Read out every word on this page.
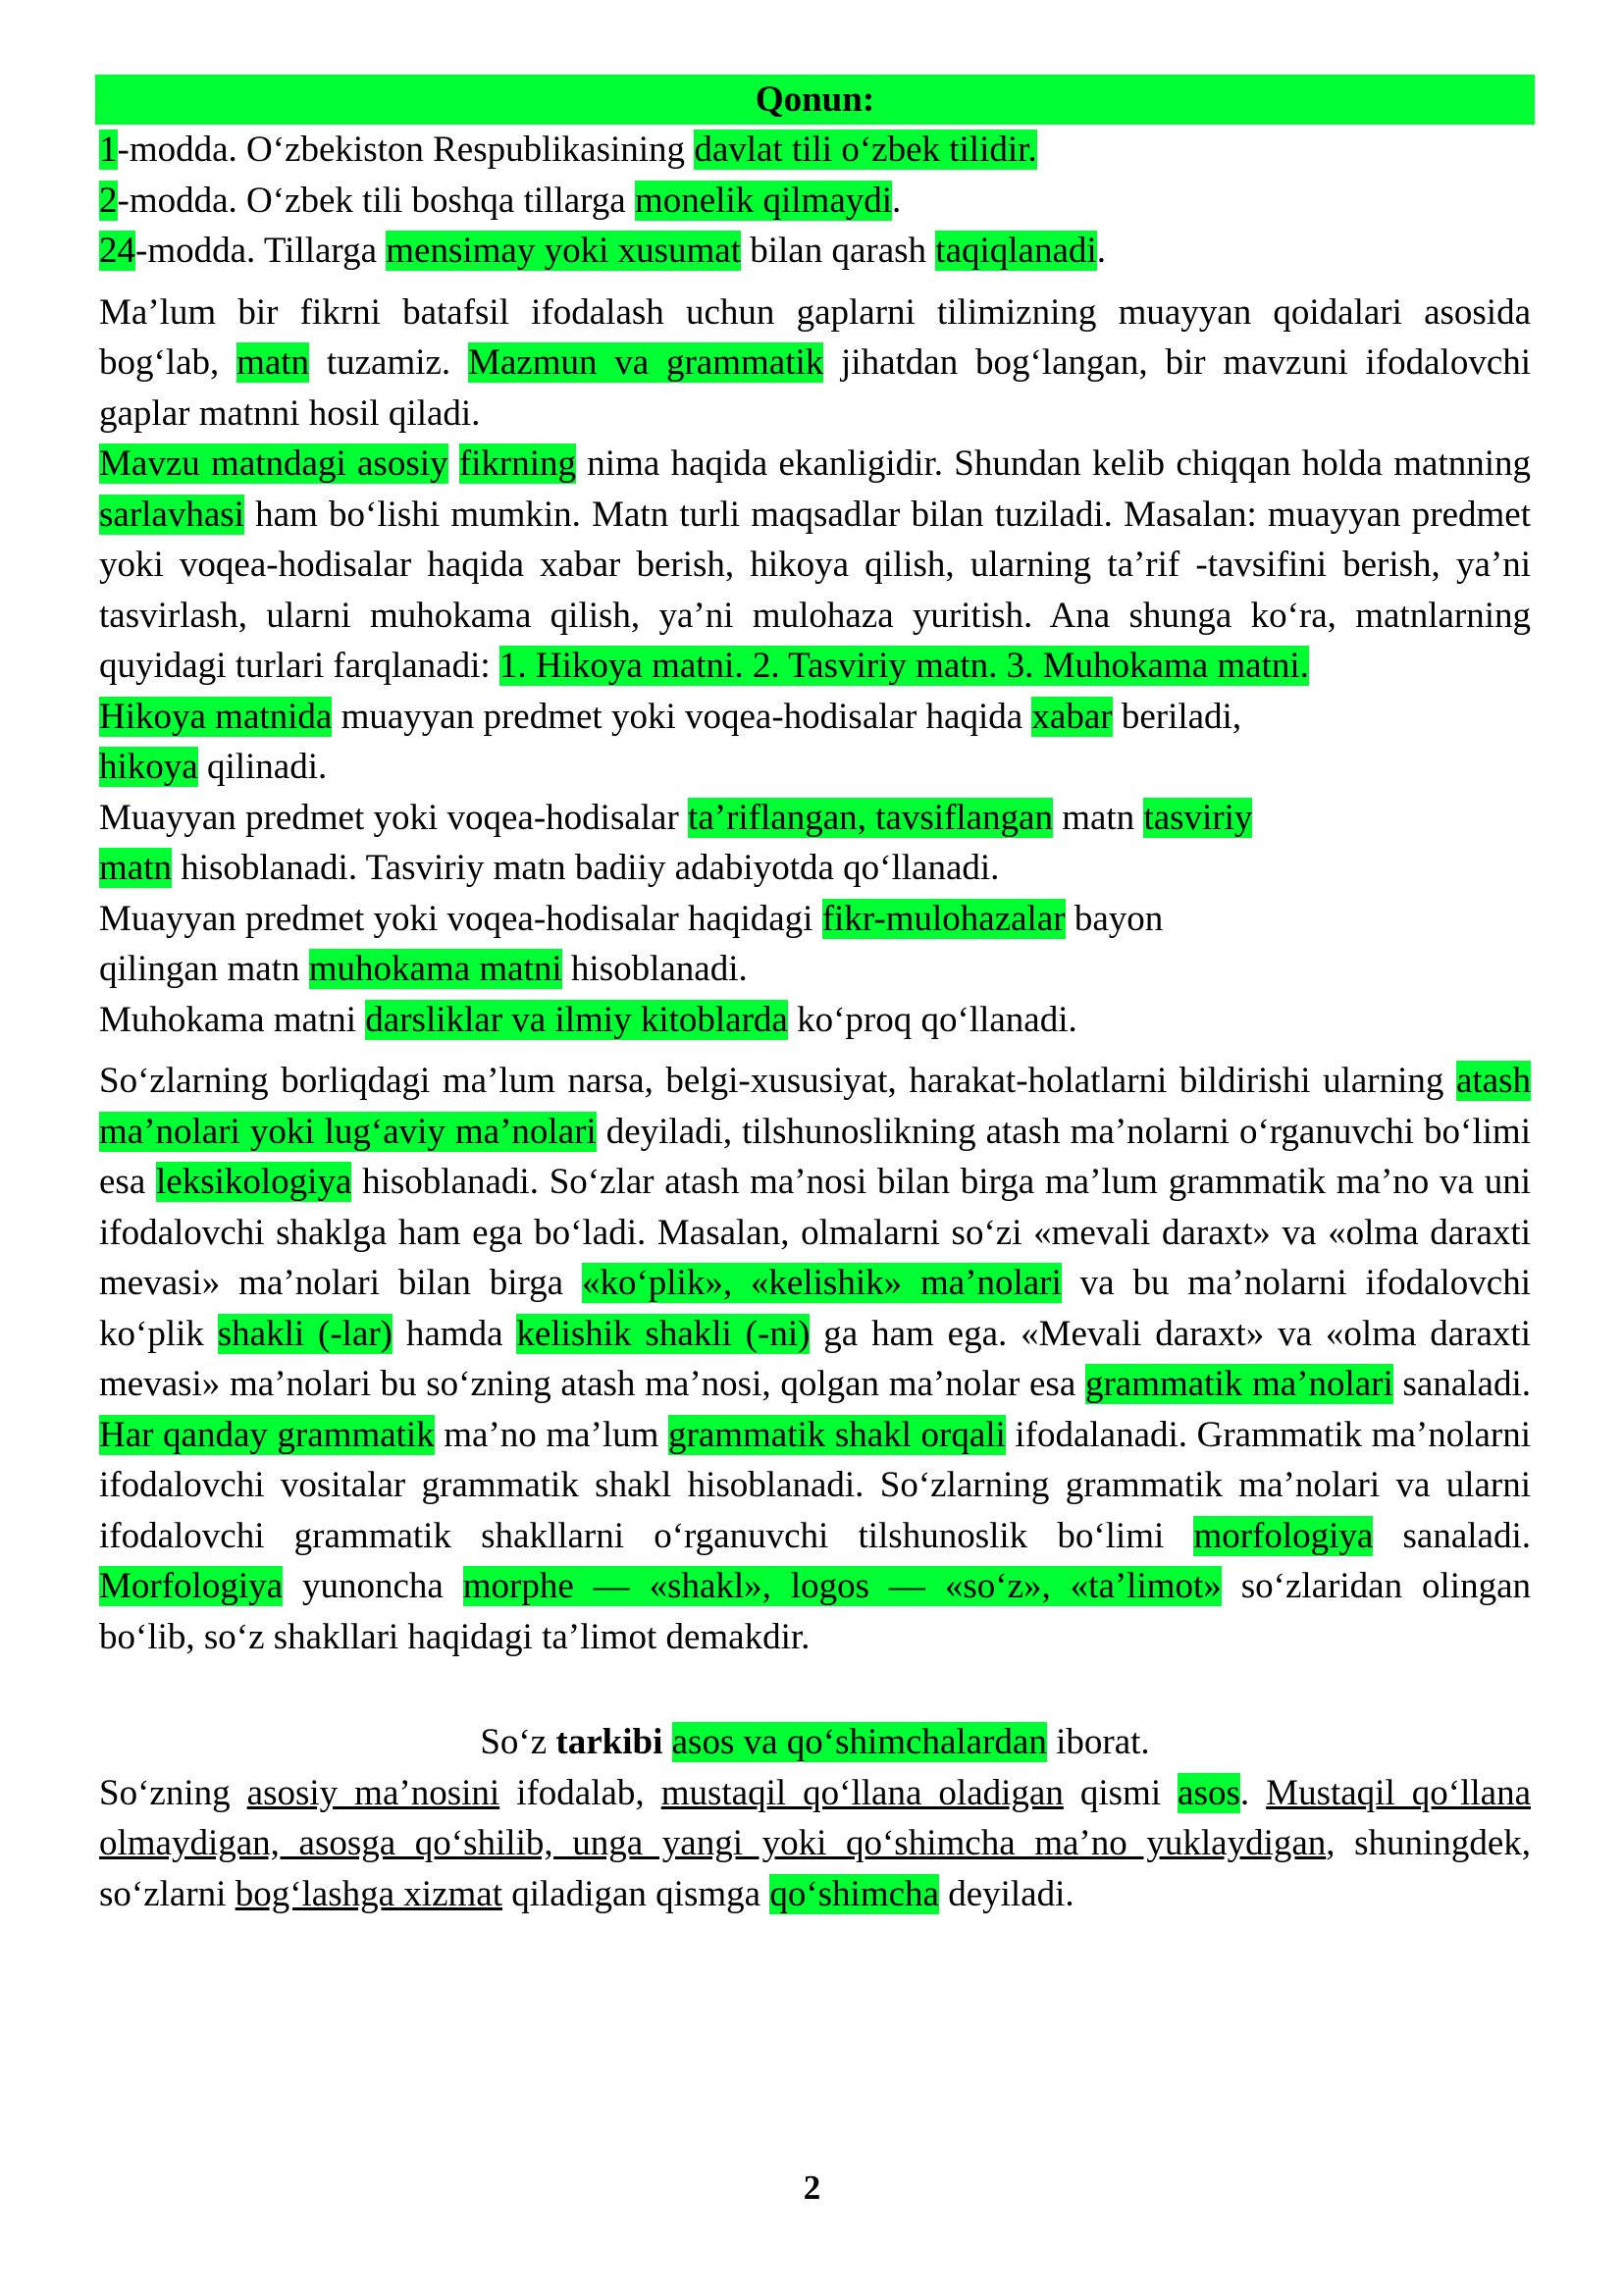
Qonun:
1-modda. O‘zbekiston Respublikasining davlat tili o‘zbek tilidir.
2-modda. O‘zbek tili boshqa tillarga monelik qilmaydi.
24-modda. Tillarga mensimay yoki xusumat bilan qarash taqiqlanadi.
Ma’lum bir fikrni batafsil ifodalash uchun gaplarni tilimizning muayyan qoidalari asosida bog‘lab, matn tuzamiz. Mazmun va grammatik jihatdan bog‘langan, bir mavzuni ifodalovchi gaplar matnni hosil qiladi.
Mavzu matndagi asosiy fikrning nima haqida ekanligidir. Shundan kelib chiqqan holda matnning sarlavhasi ham bo‘lishi mumkin. Matn turli maqsadlar bilan tuziladi. Masalan: muayyan predmet yoki voqea-hodisalar haqida xabar berish, hikoya qilish, ularning ta’rif -tavsifini berish, ya’ni tasvirlash, ularni muhokama qilish, ya’ni mulohaza yuritish. Ana shunga ko‘ra, matnlarning quyidagi turlari farqlanadi: 1. Hikoya matni. 2. Tasviriy matn. 3. Muhokama matni.
Hikoya matnida muayyan predmet yoki voqea-hodisalar haqida xabar beriladi,
hikoya qilinadi.
Muayyan predmet yoki voqea-hodisalar ta’riflangan, tavsiflangan matn tasviriy
matn hisoblanadi. Tasviriy matn badiiy adabiyotda qo‘llanadi.
Muayyan predmet yoki voqea-hodisalar haqidagi fikr-mulohazalar bayon
qilingan matn muhokama matni hisoblanadi.
Muhokama matni darsliklar va ilmiy kitoblarda ko‘proq qo‘llanadi.
So‘zlarning borliqdagi ma’lum narsa, belgi-xususiyat, harakat-holatlarni bildirishi ularning atash ma’nolari yoki lug‘aviy ma’nolari deyiladi, tilshunoslikning atash ma’nolarni o‘rganuvchi bo‘limi esa leksikologiya hisoblanadi. So‘zlar atash ma’nosi bilan birga ma’lum grammatik ma’no va uni ifodalovchi shaklga ham ega bo‘ladi. Masalan, olmalarni so‘zi «mevali daraxt» va «olma daraxti mevasi» ma’nolari bilan birga «ko‘plik», «kelishik» ma’nolari va bu ma’nolarni ifodalovchi ko‘plik shakli (-lar) hamda kelishik shakli (-ni) ga ham ega. «Mevali daraxt» va «olma daraxti mevasi» ma’nolari bu so‘zning atash ma’nosi, qolgan ma’nolar esa grammatik ma’nolari sanaladi. Har qanday grammatik ma’no ma’lum grammatik shakl orqali ifodalanadi. Grammatik ma’nolarni ifodalovchi vositalar grammatik shakl hisoblanadi. So‘zlarning grammatik ma’nolari va ularni ifodalovchi grammatik shakllarni o‘rganuvchi tilshunoslik bo‘limi morfologiya sanaladi. Morfologiya yunoncha morphe — «shakl», logos — «so‘z», «ta’limot» so‘zlaridan olingan bo‘lib, so‘z shakllari haqidagi ta’limot demakdir.
So‘z tarkibi asos va qo‘shimchalardan iborat.
So‘zning asosiy ma’nosini ifodalab, mustaqil qo‘llana oladigan qismi asos. Mustaqil qo‘llana olmaydigan, asosga qo‘shilib, unga yangi yoki qo‘shimcha ma’no yuklaydigan, shuningdek, so‘zlarni bog‘lashga xizmat qiladigan qismga qo‘shimcha deyiladi.
2
